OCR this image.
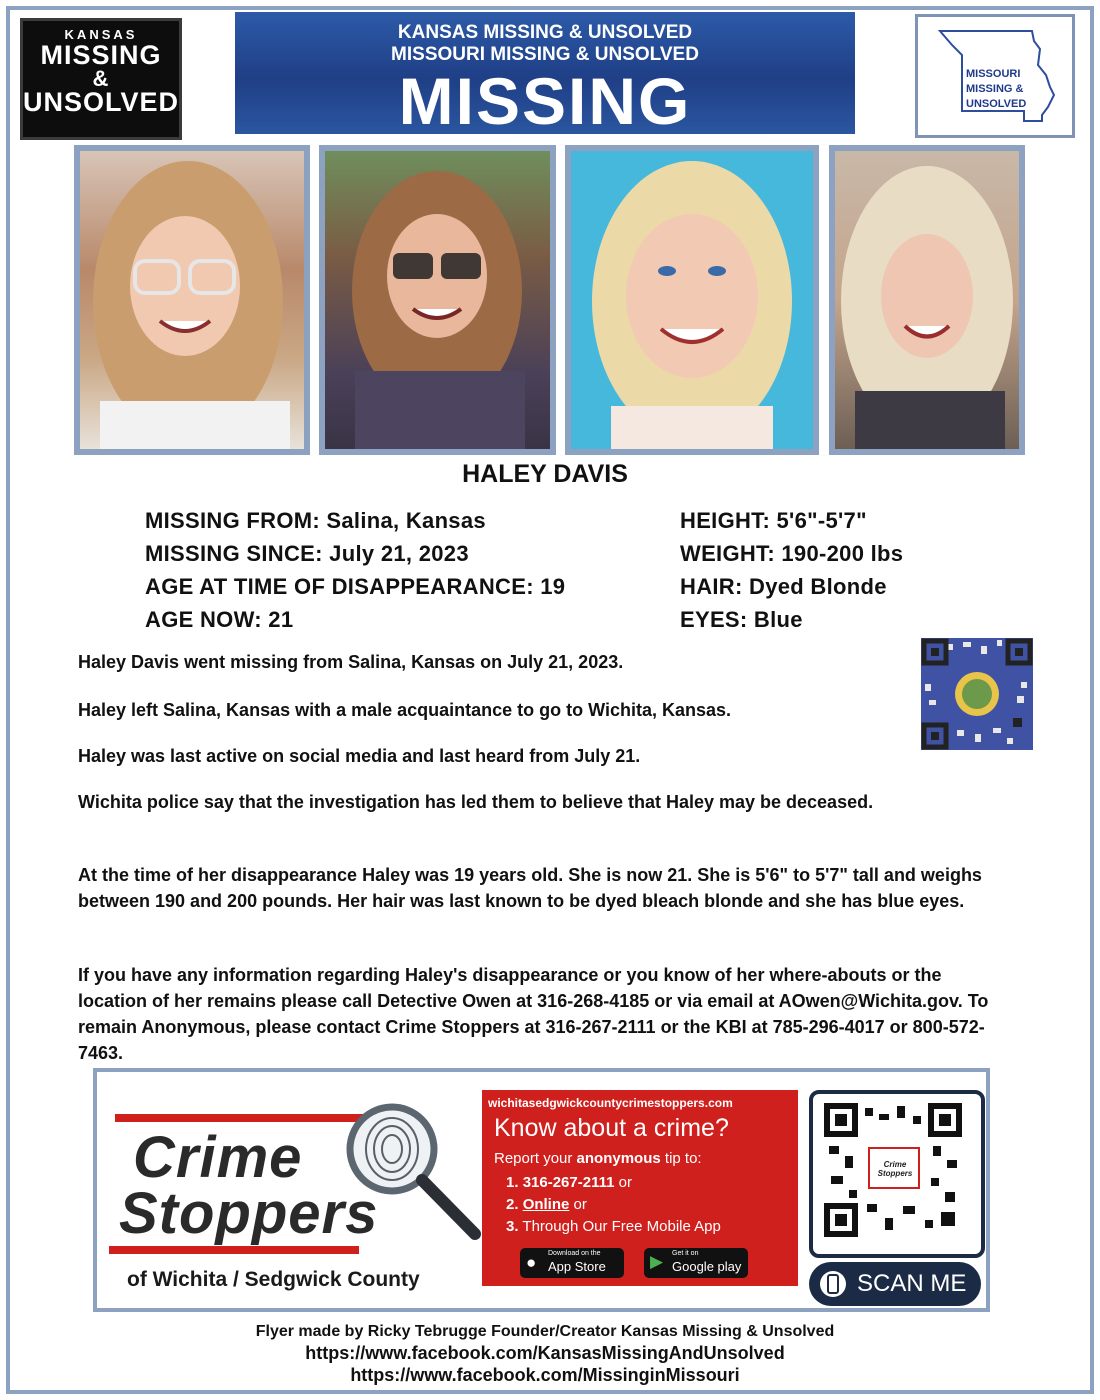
KANSAS
MISSING
&
UNSOLVED
KANSAS MISSING & UNSOLVED
MISSOURI MISSING & UNSOLVED
MISSING	MISSOURI
MISSING &
UNSOLVED
HALEY DAVIS
MISSING FROM: Salina, Kansas
MISSING SINCE: July 21, 2023
AGE AT TIME OF DISAPPEARANCE: 19
AGE NOW: 21
HEIGHT: 5'6"-5'7"
WEIGHT: 190-200 lbs
HAIR: Dyed Blonde
EYES: Blue
Haley Davis went missing from Salina, Kansas on July 21, 2023.
Haley left Salina, Kansas with a male acquaintance to go to Wichita, Kansas.
Haley was last active on social media and last heard from July 21.
Wichita police say that the investigation has led them to believe that Haley may be deceased.
At the time of her disappearance Haley was 19 years old. She is now 21. She is 5'6" to 5'7" tall and weighs between 190 and 200 pounds. Her hair was last known to be dyed bleach blonde and she has blue eyes.
If you have any information regarding Haley's disappearance or you know of her where-abouts or the location of her remains please call Detective Owen at 316-268-4185 or via email at AOwen@Wichita.gov. To remain Anonymous, please contact Crime Stoppers at 316-267-2111 or the KBI at 785-296-4017 or 800-572-7463.
Crime
Stoppers
of Wichita / Sedgwick County
wichitasedgwickcountycrimestoppers.com
Know about a crime?
Report your anonymous tip to:
1. 316-267-2111 or
2. Online or
3. Through Our Free Mobile App
● Download on the
App Store	▶ Get it on
Google play
Crime Stoppers
SCAN ME
Flyer made by Ricky Tebrugge Founder/Creator Kansas Missing & Unsolved
https://www.facebook.com/KansasMissingAndUnsolved
https://www.facebook.com/MissinginMissouri
